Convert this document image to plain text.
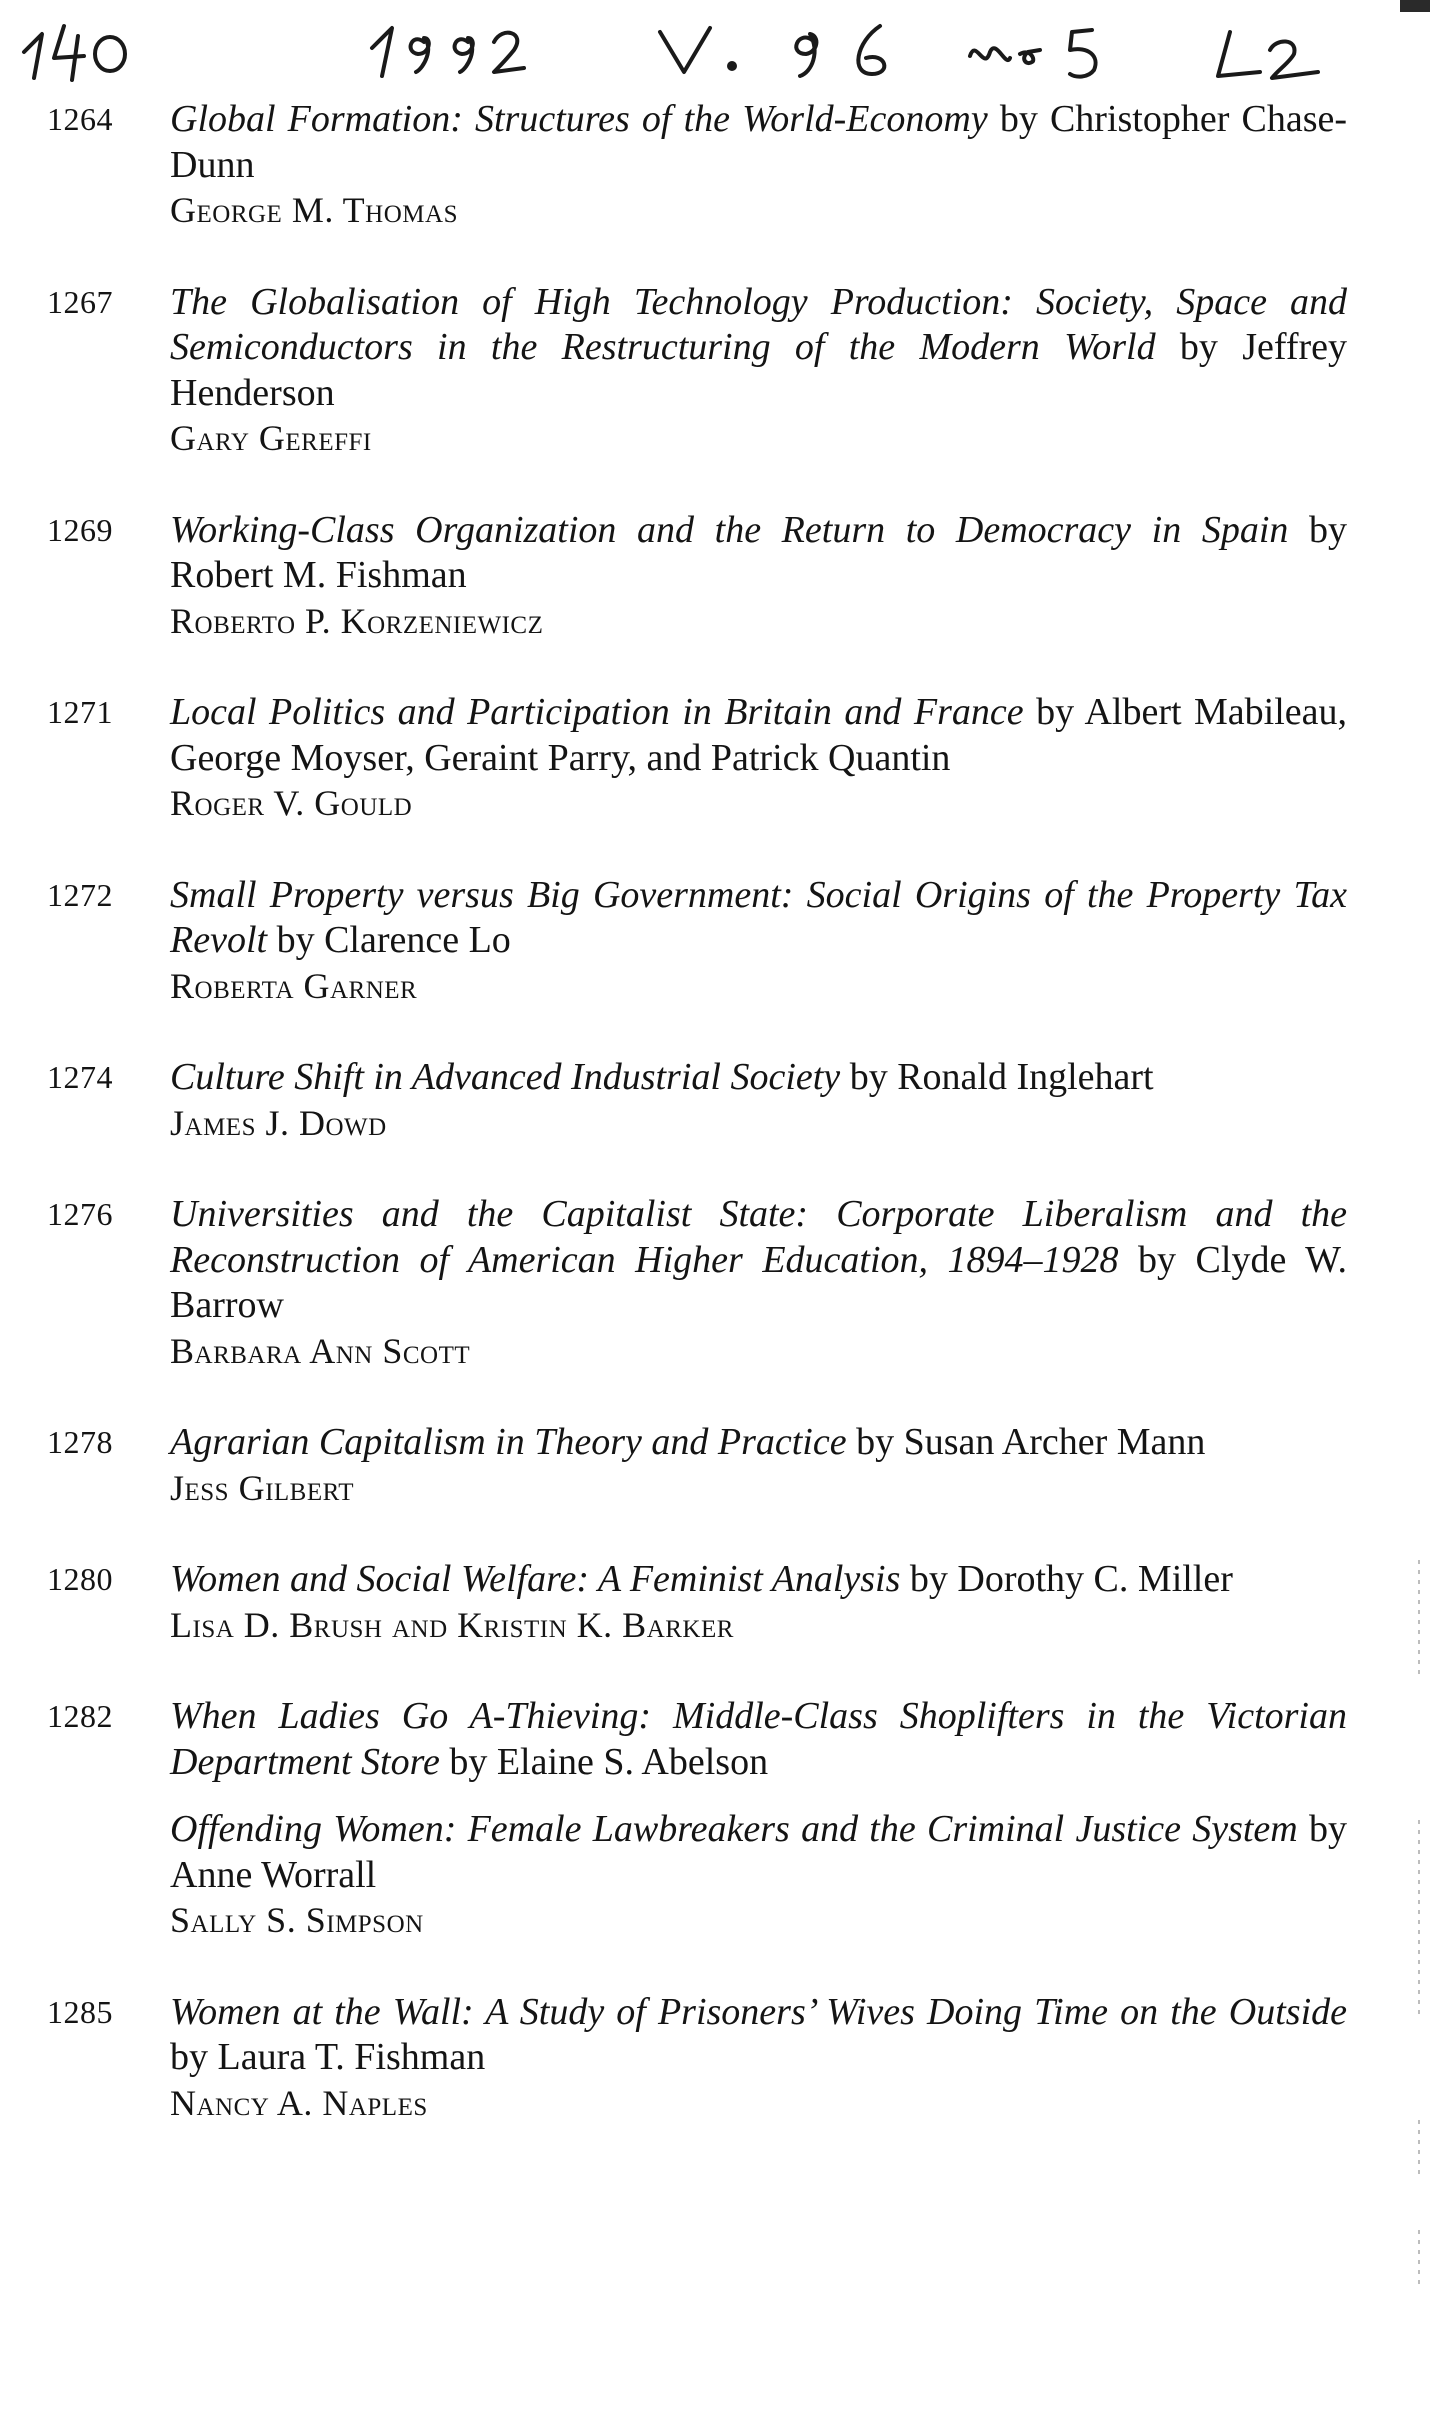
1264 Global Formation: Structures of the World-Economy by Christopher Chase-Dunn
George M. Thomas
1267 The Globalisation of High Technology Production: Society, Space and Semiconductors in the Restructuring of the Modern World by Jeffrey Henderson
Gary Gereffi
1269 Working-Class Organization and the Return to Democracy in Spain by Robert M. Fishman
Roberto P. Korzeniewicz
1271 Local Politics and Participation in Britain and France by Albert Mabileau, George Moyser, Geraint Parry, and Patrick Quantin
Roger V. Gould
1272 Small Property versus Big Government: Social Origins of the Property Tax Revolt by Clarence Lo
Roberta Garner
1274 Culture Shift in Advanced Industrial Society by Ronald Inglehart
James J. Dowd
1276 Universities and the Capitalist State: Corporate Liberalism and the Reconstruction of American Higher Education, 1894–1928 by Clyde W. Barrow
Barbara Ann Scott
1278 Agrarian Capitalism in Theory and Practice by Susan Archer Mann
Jess Gilbert
1280 Women and Social Welfare: A Feminist Analysis by Dorothy C. Miller
Lisa D. Brush and Kristin K. Barker
1282 When Ladies Go A-Thieving: Middle-Class Shoplifters in the Victorian Department Store by Elaine S. Abelson
Offending Women: Female Lawbreakers and the Criminal Justice System by Anne Worrall
Sally S. Simpson
1285 Women at the Wall: A Study of Prisoners’ Wives Doing Time on the Outside by Laura T. Fishman
Nancy A. Naples
